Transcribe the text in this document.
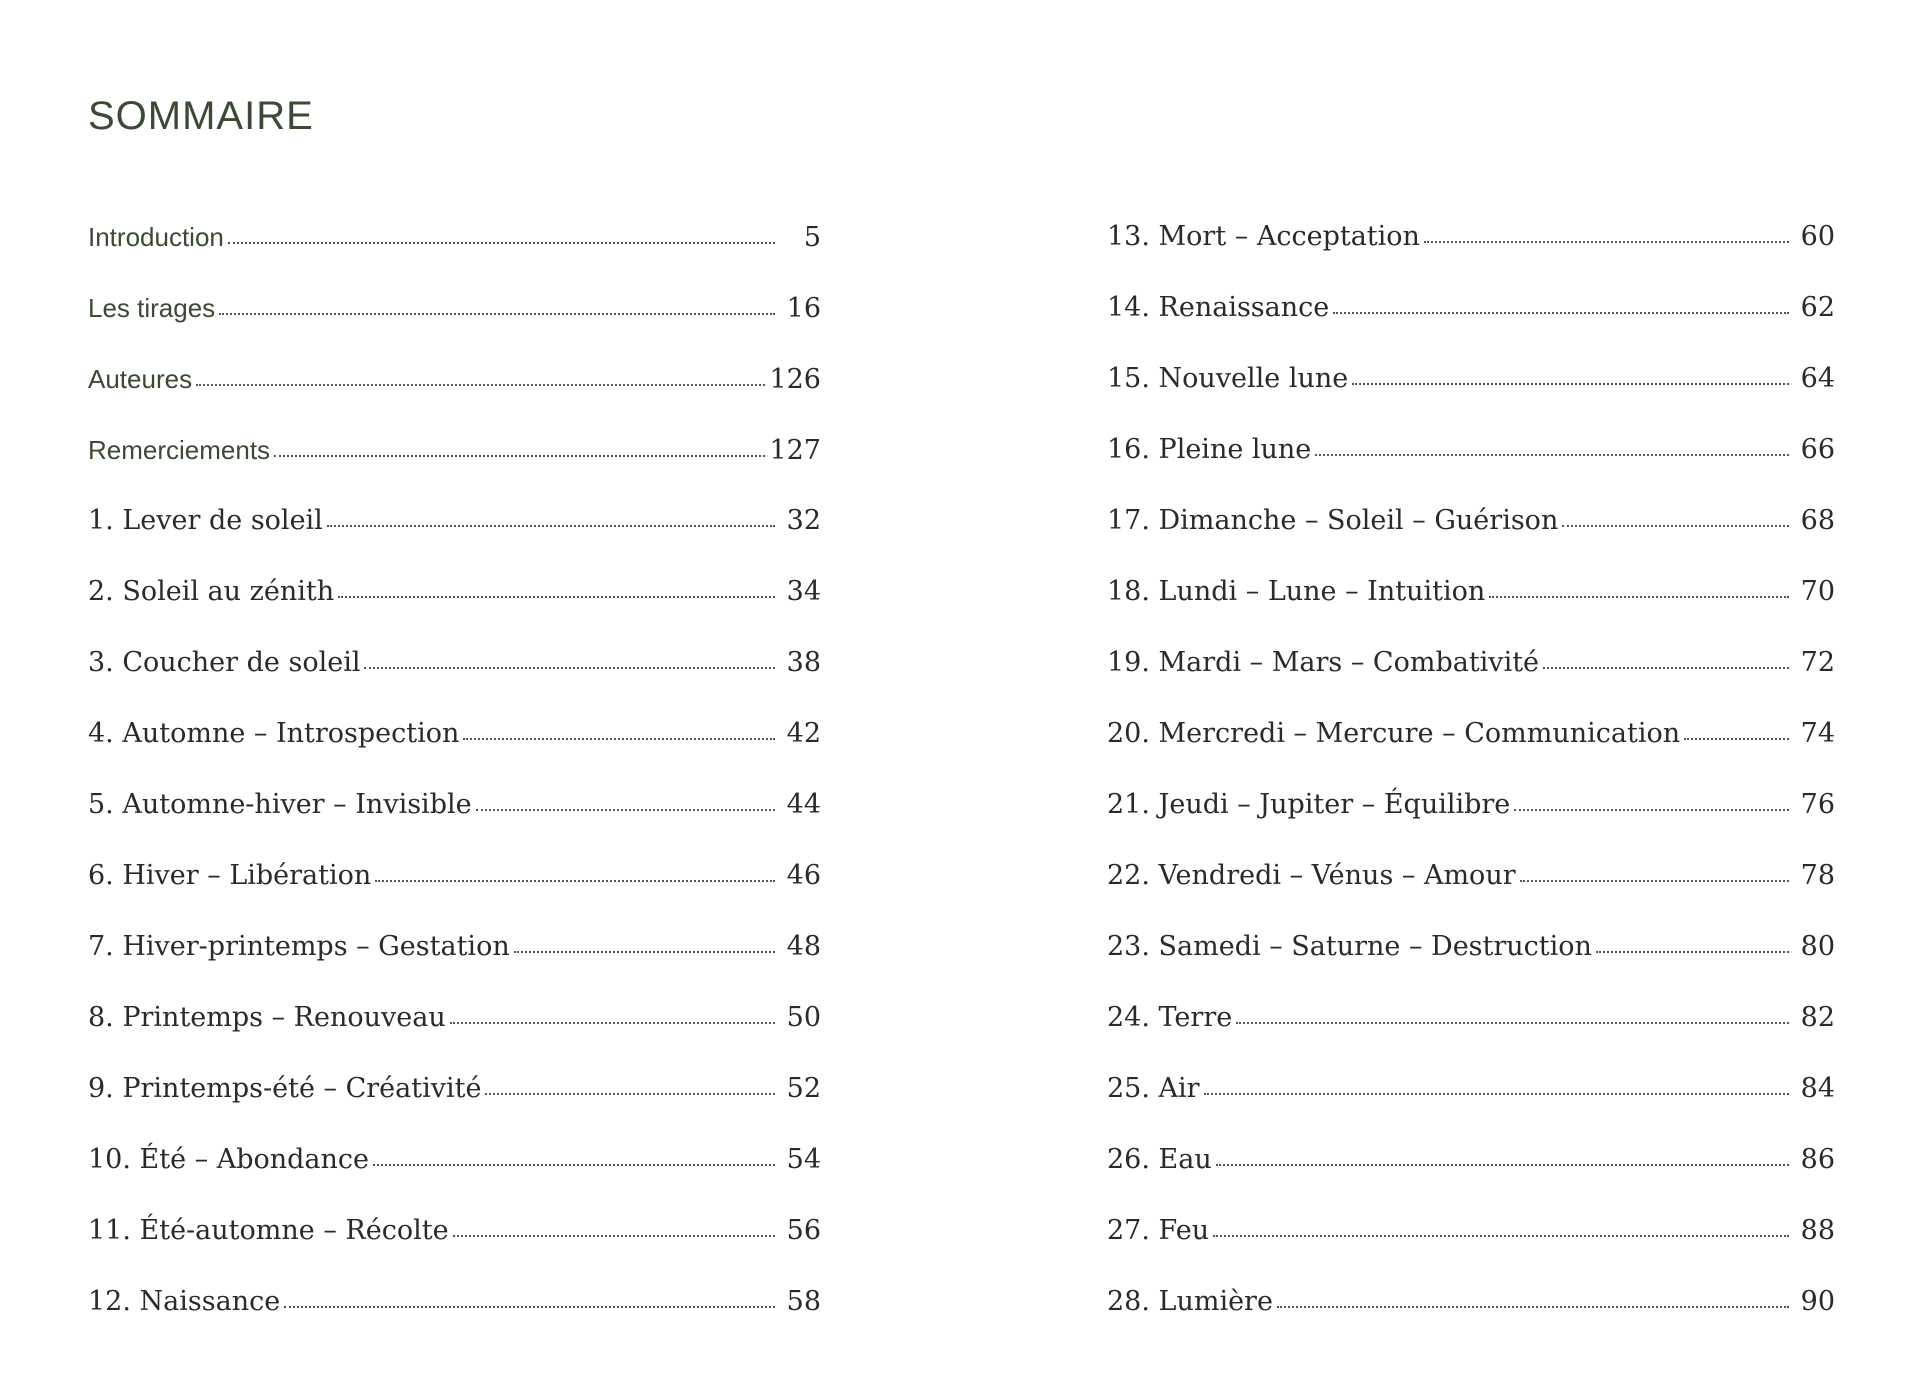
SOMMAIRE
Introduction	5
Les tirages	16
Auteures	126
Remerciements	127
1. Lever de soleil	32
2. Soleil au zénith	34
3. Coucher de soleil	38
4. Automne – Introspection	42
5. Automne-hiver – Invisible	44
6. Hiver – Libération	46
7. Hiver-printemps – Gestation	48
8. Printemps – Renouveau	50
9. Printemps-été – Créativité	52
10. Été – Abondance	54
11. Été-automne – Récolte	56
12. Naissance	58
13. Mort – Acceptation	60
14. Renaissance	62
15. Nouvelle lune	64
16. Pleine lune	66
17. Dimanche – Soleil – Guérison	68
18. Lundi – Lune – Intuition	70
19. Mardi – Mars – Combativité	72
20. Mercredi – Mercure – Communication	74
21. Jeudi – Jupiter – Équilibre	76
22. Vendredi – Vénus – Amour	78
23. Samedi – Saturne – Destruction	80
24. Terre	82
25. Air	84
26. Eau	86
27. Feu	88
28. Lumière	90
